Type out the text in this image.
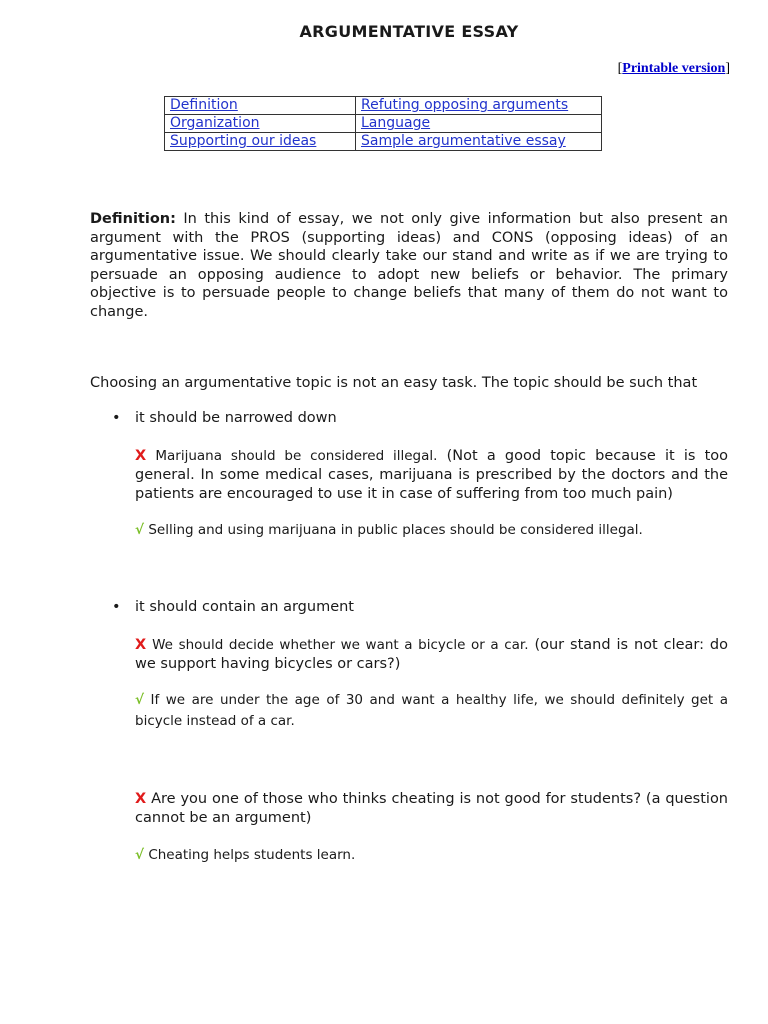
ARGUMENTATIVE ESSAY
[Printable version]
Definition	Refuting opposing arguments
Organization	Language
Supporting our ideas	Sample argumentative essay
Definition: In this kind of essay, we not only give information but also present an argument with the PROS (supporting ideas) and CONS (opposing ideas) of an argumentative issue. We should clearly take our stand and write as if we are trying to persuade an opposing audience to adopt new beliefs or behavior. The primary objective is to persuade people to change beliefs that many of them do not want to change.
Choosing an argumentative topic is not an easy task. The topic should be such that
• it should be narrowed down
X Marijuana should be considered illegal. (Not a good topic because it is too general. In some medical cases, marijuana is prescribed by the doctors and the patients are encouraged to use it in case of suffering from too much pain)
√ Selling and using marijuana in public places should be considered illegal.
• it should contain an argument
X We should decide whether we want a bicycle or a car. (our stand is not clear: do we support having bicycles or cars?)
√ If we are under the age of 30 and want a healthy life, we should definitely get a bicycle instead of a car.
X Are you one of those who thinks cheating is not good for students? (a question cannot be an argument)
√ Cheating helps students learn.
